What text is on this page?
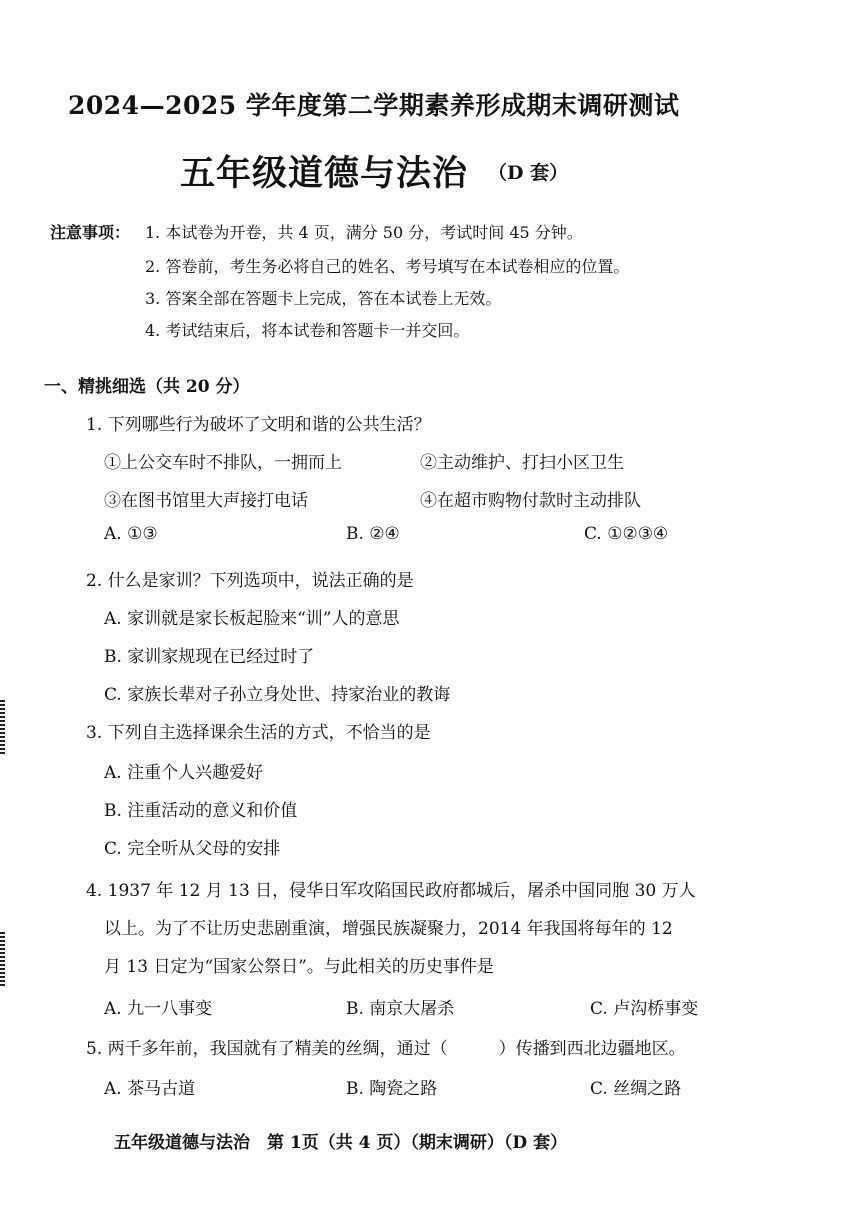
2024—2025 学年度第二学期素养形成期末调研测试
五年级道德与法治 （D 套）
注意事项： 1. 本试卷为开卷，共 4 页，满分 50 分，考试时间 45 分钟。
2. 答卷前，考生务必将自己的姓名、考号填写在本试卷相应的位置。
3. 答案全部在答题卡上完成，答在本试卷上无效。
4. 考试结束后，将本试卷和答题卡一并交回。
一、精挑细选（共 20 分）
1. 下列哪些行为破坏了文明和谐的公共生活？
①上公交车时不排队，一拥而上	②主动维护、打扫小区卫生
③在图书馆里大声接打电话	④在超市购物付款时主动排队
A. ①③	B. ②④	C. ①②③④
2. 什么是家训？下列选项中，说法正确的是
A. 家训就是家长板起脸来“训”人的意思
B. 家训家规现在已经过时了
C. 家族长辈对子孙立身处世、持家治业的教诲
3. 下列自主选择课余生活的方式，不恰当的是
A. 注重个人兴趣爱好
B. 注重活动的意义和价值
C. 完全听从父母的安排
4. 1937 年 12 月 13 日，侵华日军攻陷国民政府都城后，屠杀中国同胞 30 万人
以上。为了不让历史悲剧重演，增强民族凝聚力，2014 年我国将每年的 12
月 13 日定为“国家公祭日”。与此相关的历史事件是
A. 九一八事变	B. 南京大屠杀	C. 卢沟桥事变
5. 两千多年前，我国就有了精美的丝绸，通过（　　　）传播到西北边疆地区。
A. 茶马古道	B. 陶瓷之路	C. 丝绸之路
五年级道德与法治　第 1页（共 4 页）（期末调研）（D 套）
